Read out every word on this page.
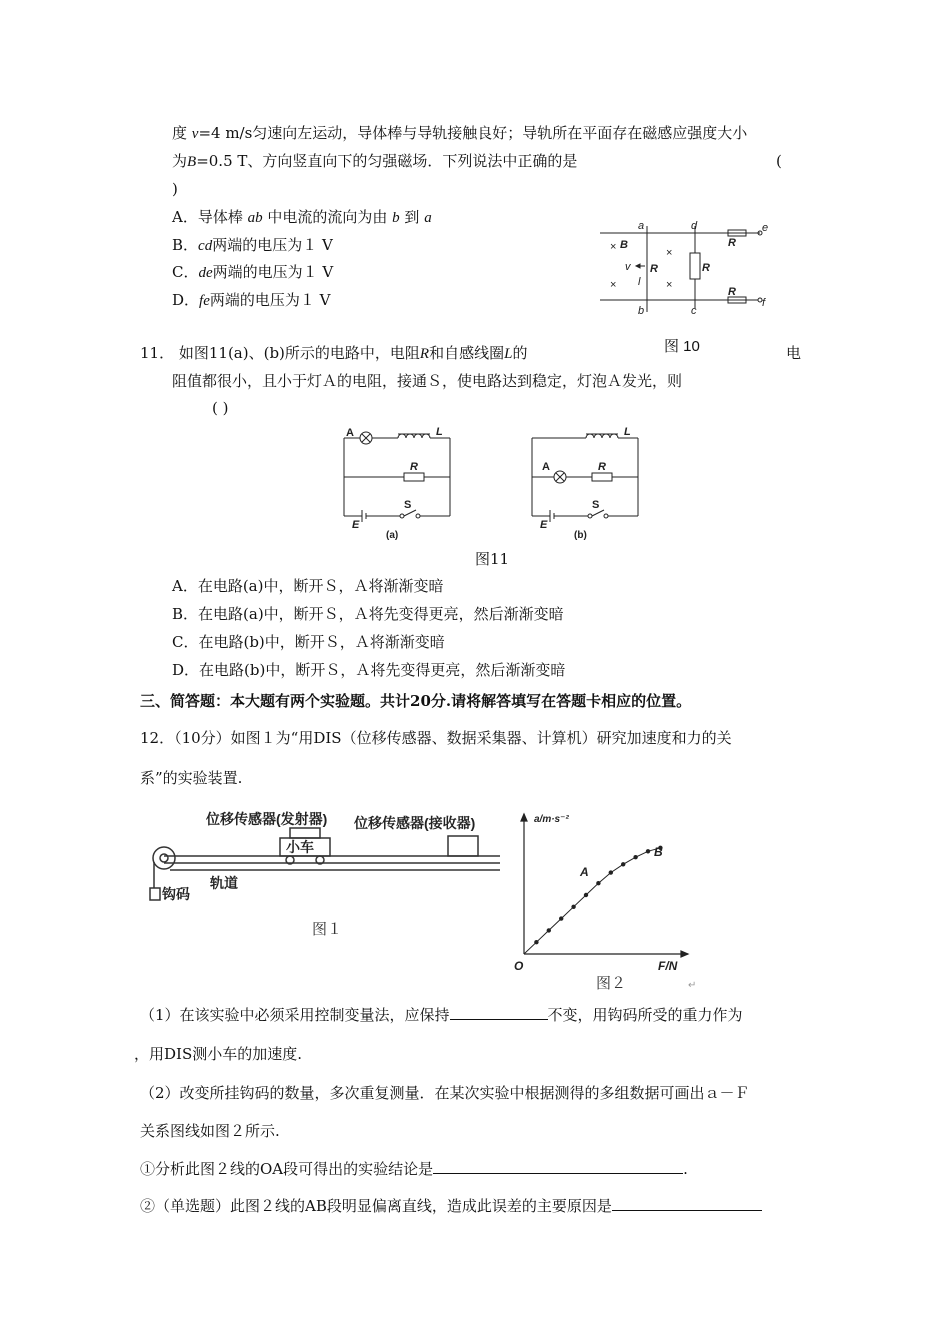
度 v=4 m/s匀速向左运动，导体棒与导轨接触良好；导轨所在平面存在磁感应强度大小
为B=0.5 T、方向竖直向下的匀强磁场．下列说法中正确的是	(
)
A．导体棒 ab 中电流的流向为由 b 到 a
B．cd两端的电压为１ V
C．de两端的电压为１ V
D．fe两端的电压为１ V
a	d	e
f
b	c
B
v R	R
R
R
l
×	×
×	×
图 10
11． 如图11(a)、(b)所示的电路中，电阻R和自感线圈L的	电
阻值都很小，且小于灯Ａ的电阻，接通Ｓ，使电路达到稳定，灯泡Ａ发光，则
( )
A	L
R
S
E
(a)
A
L
R
S
E
(b)
图11
A．在电路(a)中，断开Ｓ，Ａ将渐渐变暗
B．在电路(a)中，断开Ｓ，Ａ将先变得更亮，然后渐渐变暗
C．在电路(b)中，断开Ｓ，Ａ将渐渐变暗
D．在电路(b)中，断开Ｓ，Ａ将先变得更亮，然后渐渐变暗
三、简答题：本大题有两个实验题。共计20分.请将解答填写在答题卡相应的位置。
12．（10分）如图１为“用DIS（位移传感器、数据采集器、计算机）研究加速度和力的关
系”的实验装置.
位移传感器(发射器) 位移传感器(接收器)
小车
轨道
钩码
图１
a/m·s⁻²
F/N
O
A
B
图２	↵
（1）在该实验中必须采用控制变量法，应保持	不变，用钩码所受的重力作为
，用DIS测小车的加速度.
（2）改变所挂钩码的数量，多次重复测量．在某次实验中根据测得的多组数据可画出ａ－Ｆ
关系图线如图２所示.
①分析此图２线的OA段可得出的实验结论是	.
②（单选题）此图２线的AB段明显偏离直线，造成此误差的主要原因是
